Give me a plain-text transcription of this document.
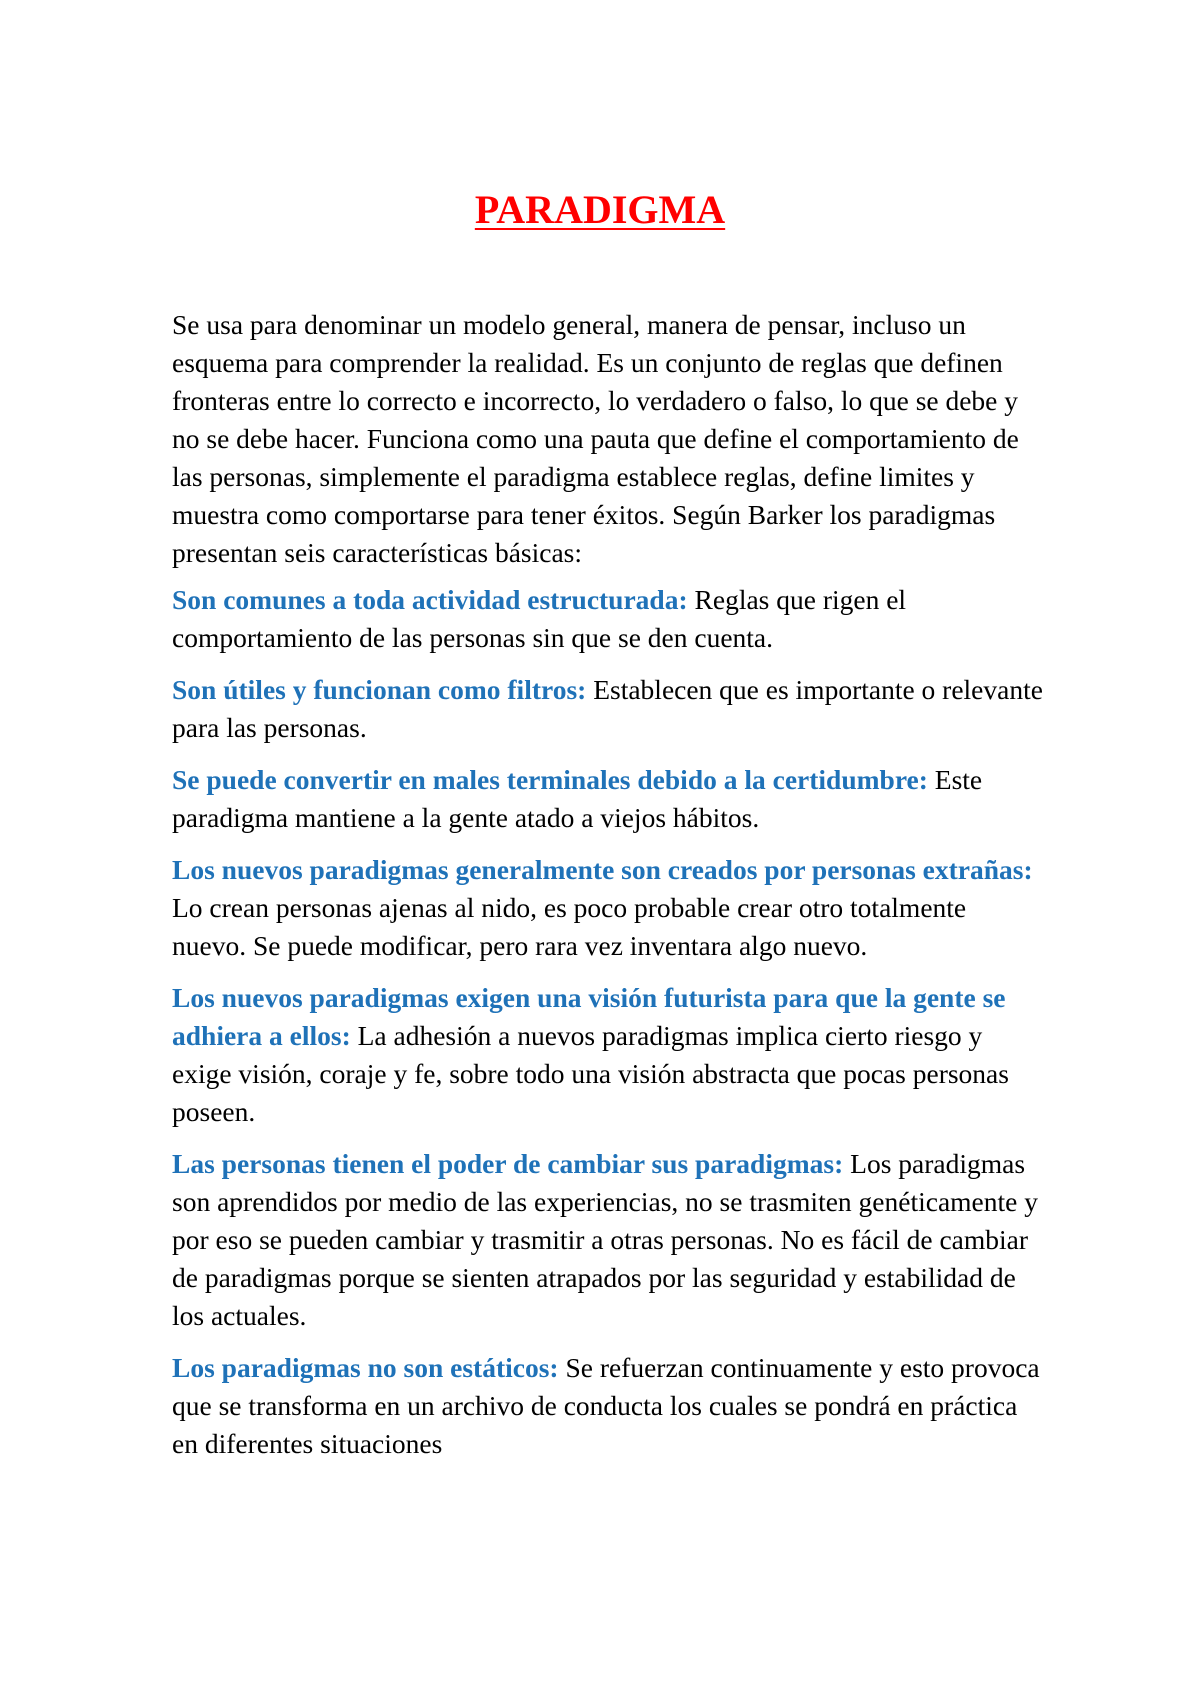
PARADIGMA

Se usa para denominar un modelo general, manera de pensar, incluso un esquema para comprender la realidad. Es un conjunto de reglas que definen fronteras entre lo correcto e incorrecto, lo verdadero o falso, lo que se debe y no se debe hacer. Funciona como una pauta que define el comportamiento de las personas, simplemente el paradigma establece reglas, define limites y muestra como comportarse para tener éxitos. Según Barker los paradigmas presentan seis características básicas:

Son comunes a toda actividad estructurada: Reglas que rigen el comportamiento de las personas sin que se den cuenta.

Son útiles y funcionan como filtros: Establecen que es importante o relevante para las personas.

Se puede convertir en males terminales debido a la certidumbre: Este paradigma mantiene a la gente atado a viejos hábitos.

Los nuevos paradigmas generalmente son creados por personas extrañas: Lo crean personas ajenas al nido, es poco probable crear otro totalmente nuevo. Se puede modificar, pero rara vez inventara algo nuevo.

Los nuevos paradigmas exigen una visión futurista para que la gente se adhiera a ellos: La adhesión a nuevos paradigmas implica cierto riesgo y exige visión, coraje y fe, sobre todo una visión abstracta que pocas personas poseen.

Las personas tienen el poder de cambiar sus paradigmas: Los paradigmas son aprendidos por medio de las experiencias, no se trasmiten genéticamente y por eso se pueden cambiar y trasmitir a otras personas. No es fácil de cambiar de paradigmas porque se sienten atrapados por las seguridad y estabilidad de los actuales.

Los paradigmas no son estáticos: Se refuerzan continuamente y esto provoca que se transforma en un archivo de conducta los cuales se pondrá en práctica en diferentes situaciones
